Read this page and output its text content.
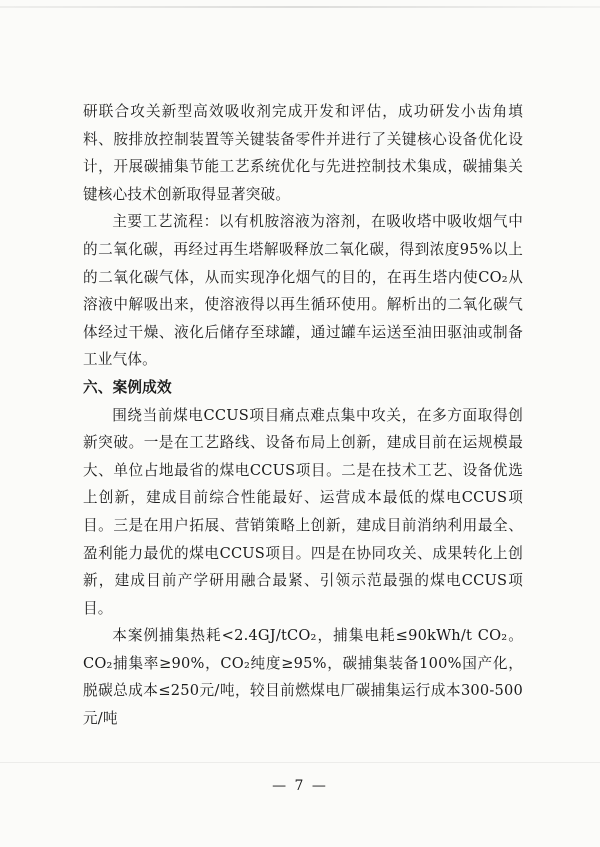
研联合攻关新型高效吸收剂完成开发和评估，成功研发小齿角填料、胺排放控制装置等关键装备零件并进行了关键核心设备优化设计，开展碳捕集节能工艺系统优化与先进控制技术集成，碳捕集关键核心技术创新取得显著突破。

主要工艺流程：以有机胺溶液为溶剂，在吸收塔中吸收烟气中的二氧化碳，再经过再生塔解吸释放二氧化碳，得到浓度95%以上的二氧化碳气体，从而实现净化烟气的目的，在再生塔内使CO₂从溶液中解吸出来，使溶液得以再生循环使用。解析出的二氧化碳气体经过干燥、液化后储存至球罐，通过罐车运送至油田驱油或制备工业气体。

六、案例成效

围绕当前煤电CCUS项目痛点难点集中攻关，在多方面取得创新突破。一是在工艺路线、设备布局上创新，建成目前在运规模最大、单位占地最省的煤电CCUS项目。二是在技术工艺、设备优选上创新，建成目前综合性能最好、运营成本最低的煤电CCUS项目。三是在用户拓展、营销策略上创新，建成目前消纳利用最全、盈利能力最优的煤电CCUS项目。四是在协同攻关、成果转化上创新，建成目前产学研用融合最紧、引领示范最强的煤电CCUS项目。

本案例捕集热耗<2.4GJ/tCO₂，捕集电耗≤90kWh/t CO₂。CO₂捕集率≥90%，CO₂纯度≥95%，碳捕集装备100%国产化，脱碳总成本≤250元/吨，较目前燃煤电厂碳捕集运行成本300-500元/吨

— 7 —
